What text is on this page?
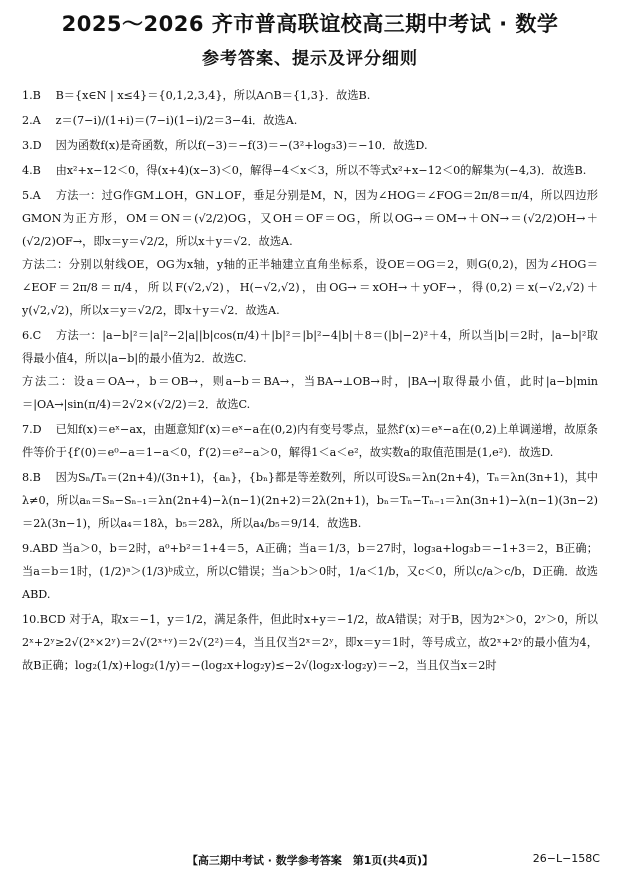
2025～2026 齐市普高联谊校高三期中考试 · 数学
参考答案、提示及评分细则
1.B B＝{x∈N | x≤4}＝{0,1,2,3,4}，所以A∩B＝{1,3}．故选B.
2.A z＝(7−i)/(1+i)＝(7−i)(1−i)/2＝3−4i．故选A.
3.D 因为函数f(x)是奇函数，所以f(−3)＝−f(3)＝−(3²+log₃3)＝−10．故选D.
4.B 由x²+x−12＜0，得(x+4)(x−3)＜0，解得−4＜x＜3，所以不等式x²+x−12＜0的解集为(−4,3)．故选B.
5.A 方法一：过G作GM⊥OH，GN⊥OF，垂足分别是M，N，因为∠HOG＝∠FOG＝2π/8＝π/4，所以四边形GMON为正方形，OM＝ON＝(√2/2)OG，又OH＝OF＝OG，所以OG→＝OM→＋ON→＝(√2/2)OH→＋(√2/2)OF→，即x＝y＝√2/2，所以x＋y＝√2．故选A.
方法二：分别以射线OE，OG为x轴，y轴的正半轴建立直角坐标系，设OE＝OG＝2，则G(0,2)，因为∠HOG＝∠EOF＝2π/8＝π/4，所以F(√2,√2)，H(−√2,√2)，由OG→＝xOH→＋yOF→，得(0,2)＝x(−√2,√2)＋y(√2,√2)，所以x＝y＝√2/2，即x＋y＝√2．故选A.
6.C 方法一：|a−b|²＝|a|²−2|a||b|cos(π/4)＋|b|²＝|b|²−4|b|＋8＝(|b|−2)²＋4，所以当|b|＝2时，|a−b|²取得最小值4，所以|a−b|的最小值为2．故选C.
方法二：设a＝OA→，b＝OB→，则a−b＝BA→，当BA→⊥OB→时，|BA→|取得最小值，此时|a−b|min＝|OA→|sin(π/4)＝2√2×(√2/2)＝2．故选C.
7.D 已知f(x)＝eˣ−ax，由题意知f′(x)＝eˣ−a在(0,2)内有变号零点，显然f′(x)＝eˣ−a在(0,2)上单调递增，故原条件等价于{f′(0)＝e⁰−a＝1−a＜0，f′(2)＝e²−a＞0，解得1＜a＜e²，故实数a的取值范围是(1,e²)．故选D.
8.B 因为Sₙ/Tₙ＝(2n+4)/(3n+1)，{aₙ}，{bₙ}都是等差数列，所以可设Sₙ＝λn(2n+4)，Tₙ＝λn(3n+1)，其中λ≠0，所以aₙ＝Sₙ−Sₙ₋₁＝λn(2n+4)−λ(n−1)(2n+2)＝2λ(2n+1)，bₙ＝Tₙ−Tₙ₋₁＝λn(3n+1)−λ(n−1)(3n−2)＝2λ(3n−1)，所以a₄＝18λ，b₅＝28λ，所以a₄/b₅＝9/14．故选B.
9.ABD 当a＞0，b＝2时，a⁰+b²＝1+4＝5，A正确；当a＝1/3，b＝27时，log₃a+log₃b＝−1+3＝2，B正确；当a＝b＝1时，(1/2)ᵃ＞(1/3)ᵇ成立，所以C错误；当a＞b＞0时，1/a＜1/b，又c＜0，所以c/a＞c/b，D正确．故选ABD.
10.BCD 对于A，取x＝−1，y＝1/2，满足条件，但此时x+y＝−1/2，故A错误；对于B，因为2ˣ＞0，2ʸ＞0，所以2ˣ+2ʸ≥2√(2ˣ×2ʸ)＝2√(2ˣ⁺ʸ)＝2√(2²)＝4，当且仅当2ˣ＝2ʸ，即x＝y＝1时，等号成立，故2ˣ+2ʸ的最小值为4，故B正确；log₂(1/x)+log₂(1/y)＝−(log₂x+log₂y)≤−2√(log₂x·log₂y)＝−2，当且仅当x＝2时
【高三期中考试 · 数学参考答案　第1页(共4页)】	26−L−158C
